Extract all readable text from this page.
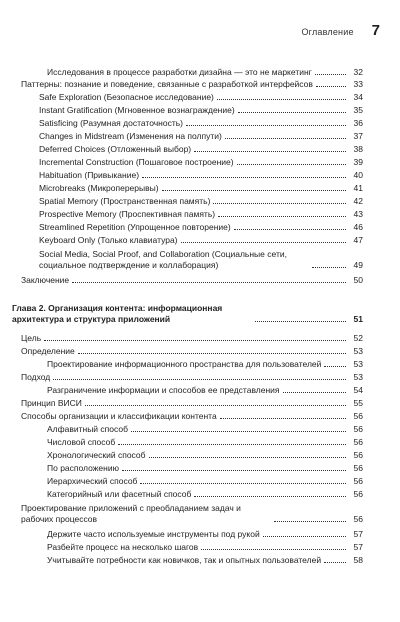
Оглавление 7
Исследования в процессе разработки дизайна — это не маркетинг	32
Паттерны: познание и поведение, связанные с разработкой интерфейсов	33
Safe Exploration (Безопасное исследование)	34
Instant Gratification (Мгновенное вознаграждение)	35
Satisficing (Разумная достаточность)	36
Changes in Midstream (Изменения на полпути)	37
Deferred Choices (Отложенный выбор)	38
Incremental Construction (Пошаговое построение)	39
Habituation (Привыкание)	40
Microbreaks (Микроперерывы)	41
Spatial Memory (Пространственная память)	42
Prospective Memory (Проспективная память)	43
Streamlined Repetition (Упрощенное повторение)	46
Keyboard Only (Только клавиатура)	47
Social Media, Social Proof, and Collaboration (Социальные сети, социальное подтверждение и коллаборация)	49
Заключение	50
Глава 2. Организация контента: информационная архитектура и структура приложений	51
Цель	52
Определение	53
Проектирование информационного пространства для пользователей	53
Подход	53
Разграничение информации и способов ее представления	54
Принцип ВИСИ	55
Способы организации и классификации контента	56
Алфавитный способ	56
Числовой способ	56
Хронологический способ	56
По расположению	56
Иерархический способ	56
Категорийный или фасетный способ	56
Проектирование приложений с преобладанием задач и рабочих процессов	56
Держите часто используемые инструменты под рукой	57
Разбейте процесс на несколько шагов	57
Учитывайте потребности как новичков, так и опытных пользователей	58
